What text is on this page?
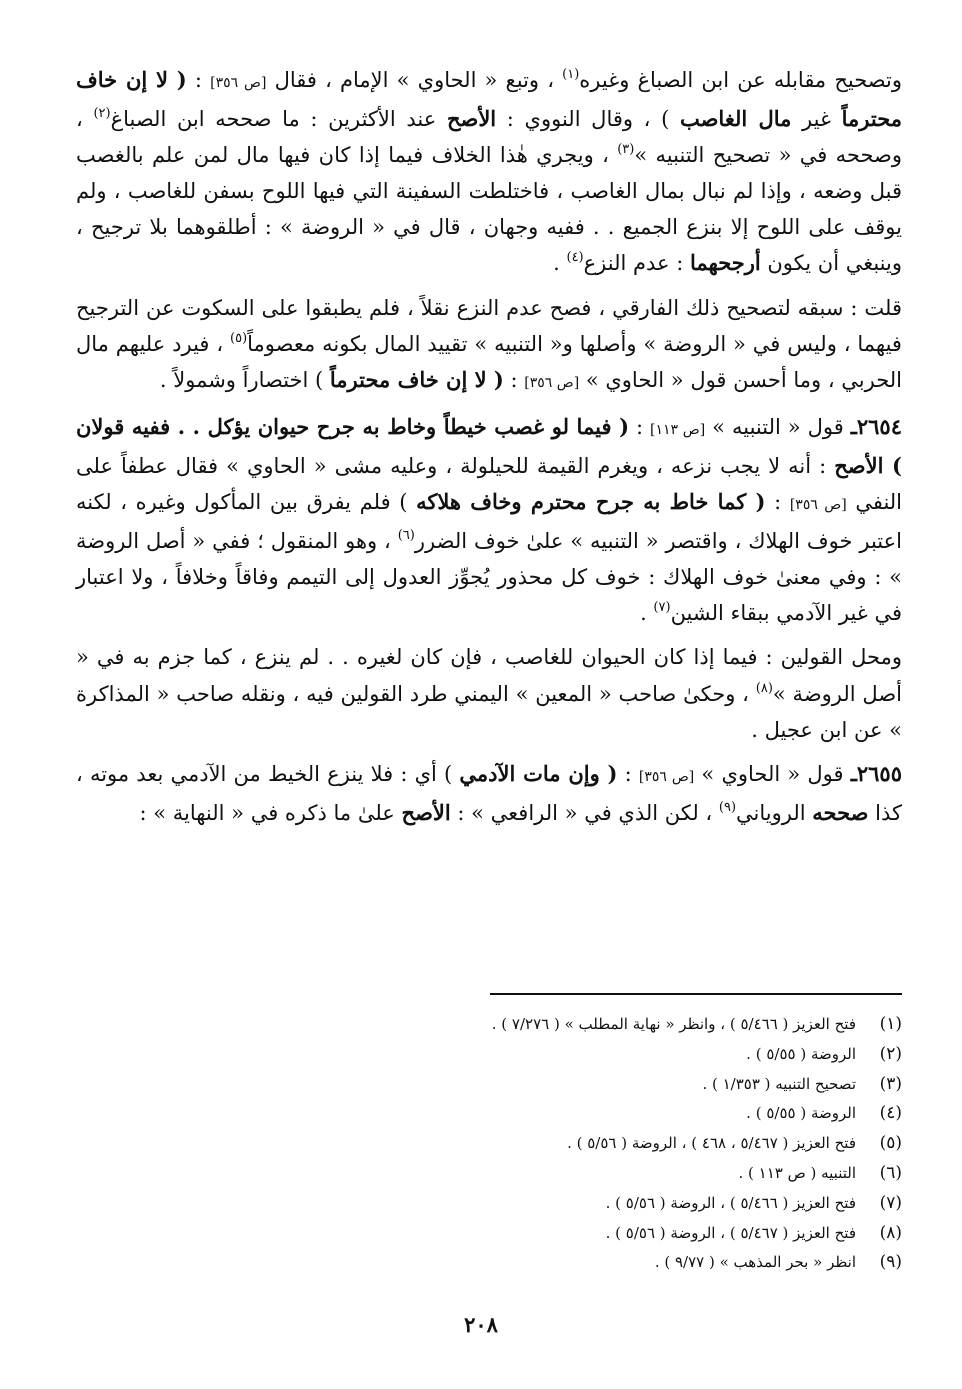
وتصحيح مقابله عن ابن الصباغ وغيره$^{(١)}$ ، وتبع « الحاوي » الإمام ، فقال [ص ٣٥٦] : ( لا إن خاف محترماً غير مال الغاصب ) ، وقال النووي : الأصح عند الأكثرين : ما صححه ابن الصباغ$^{(٢)}$ ، وصححه في « تصحيح التنبيه »$^{(٣)}$ ، ويجري هٰذا الخلاف فيما إذا كان فيها مال لمن علم بالغصب قبل وضعه ، وإذا لم نبال بمال الغاصب ، فاختلطت السفينة التي فيها اللوح بسفن للغاصب ، ولم يوقف على اللوح إلا بنزع الجميع . . ففيه وجهان ، قال في « الروضة » : أطلقوهما بلا ترجيح ، وينبغي أن يكون أرجحهما : عدم النزع$^{(٤)}$ .

قلت : سبقه لتصحيح ذلك الفارقي ، فصح عدم النزع نقلاً ، فلم يطبقوا على السكوت عن الترجيح فيهما ، وليس في « الروضة » وأصلها و« التنبيه » تقييد المال بكونه معصوماً$^{(٥)}$ ، فيرد عليهم مال الحربي ، وما أحسن قول « الحاوي » [ص ٣٥٦] : ( لا إن خاف محترماً ) اختصاراً وشمولاً .

٢٦٥٤ـ قول « التنبيه » [ص ١١٣] : ( فيما لو غصب خيطاً وخاط به جرح حيوان يؤكل . . ففيه قولان ) الأصح : أنه لا يجب نزعه ، ويغرم القيمة للحيلولة ، وعليه مشى « الحاوي » فقال عطفاً على النفي [ص ٣٥٦] : ( كما خاط به جرح محترم وخاف هلاكه ) فلم يفرق بين المأكول وغيره ، لكنه اعتبر خوف الهلاك ، واقتصر « التنبيه » علىٰ خوف الضرر$^{(٦)}$ ، وهو المنقول ؛ ففي « أصل الروضة » : وفي معنىٰ خوف الهلاك : خوف كل محذور يُجوِّز العدول إلى التيمم وفاقاً وخلافاً ، ولا اعتبار في غير الآدمي ببقاء الشين$^{(٧)}$ .

ومحل القولين : فيما إذا كان الحيوان للغاصب ، فإن كان لغيره . . لم ينزع ، كما جزم به في « أصل الروضة »$^{(٨)}$ ، وحكىٰ صاحب « المعين » اليمني طرد القولين فيه ، ونقله صاحب « المذاكرة » عن ابن عجيل .

٢٦٥٥ـ قول « الحاوي » [ص ٣٥٦] : ( وإن مات الآدمي ) أي : فلا ينزع الخيط من الآدمي بعد موته ، كذا صححه الروياني$^{(٩)}$ ، لكن الذي في « الرافعي » : الأصح علىٰ ما ذكره في « النهاية » :

(١)
فتح العزيز ( ٥/٤٦٦ ) ، وانظر « نهاية المطلب » ( ٧/٢٧٦ ) .
(٢)
الروضة ( ٥/٥٥ ) .
(٣)
تصحيح التنبيه ( ١/٣٥٣ ) .
(٤)
الروضة ( ٥/٥٥ ) .
(٥)
فتح العزيز ( ٥/٤٦٧ ، ٤٦٨ ) ، الروضة ( ٥/٥٦ ) .
(٦)
التنبيه ( ص ١١٣ ) .
(٧)
فتح العزيز ( ٥/٤٦٦ ) ، الروضة ( ٥/٥٦ ) .
(٨)
فتح العزيز ( ٥/٤٦٧ ) ، الروضة ( ٥/٥٦ ) .
(٩)
انظر « بحر المذهب » ( ٩/٧٧ ) .
٢٠٨
